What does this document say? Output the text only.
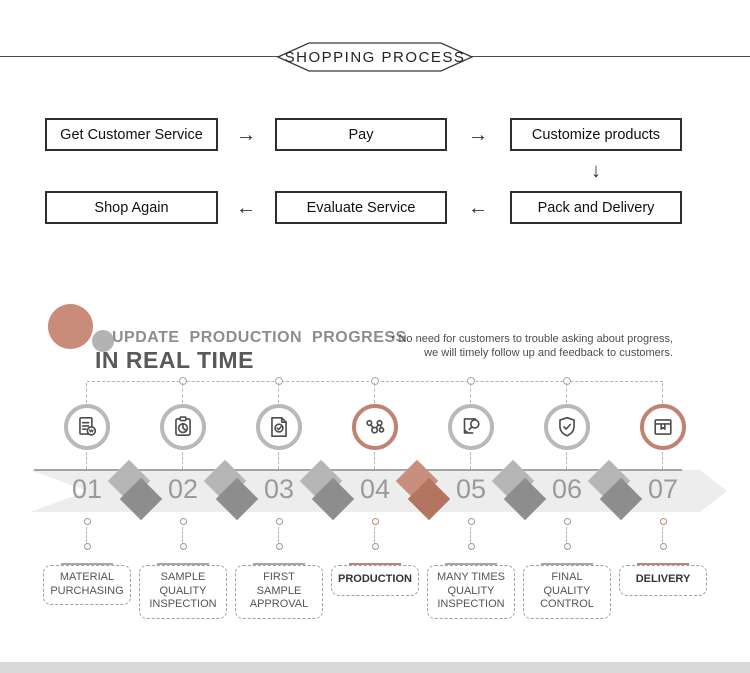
SHOPPING PROCESS
Get Customer Service	→	Pay	→	Customize products
↓
Shop Again	←	Evaluate Service	←	Pack and Delivery
UPDATE PRODUCTION PROGRESS
IN REAL TIME
* No need for customers to trouble asking about progress,
we will timely follow up and feedback to customers.
01
MATERIAL
PURCHASING
02
SAMPLE
QUALITY
INSPECTION
03
FIRST
SAMPLE
APPROVAL
04
PRODUCTION
05
MANY TIMES
QUALITY
INSPECTION
06
FINAL
QUALITY
CONTROL
07
DELIVERY
